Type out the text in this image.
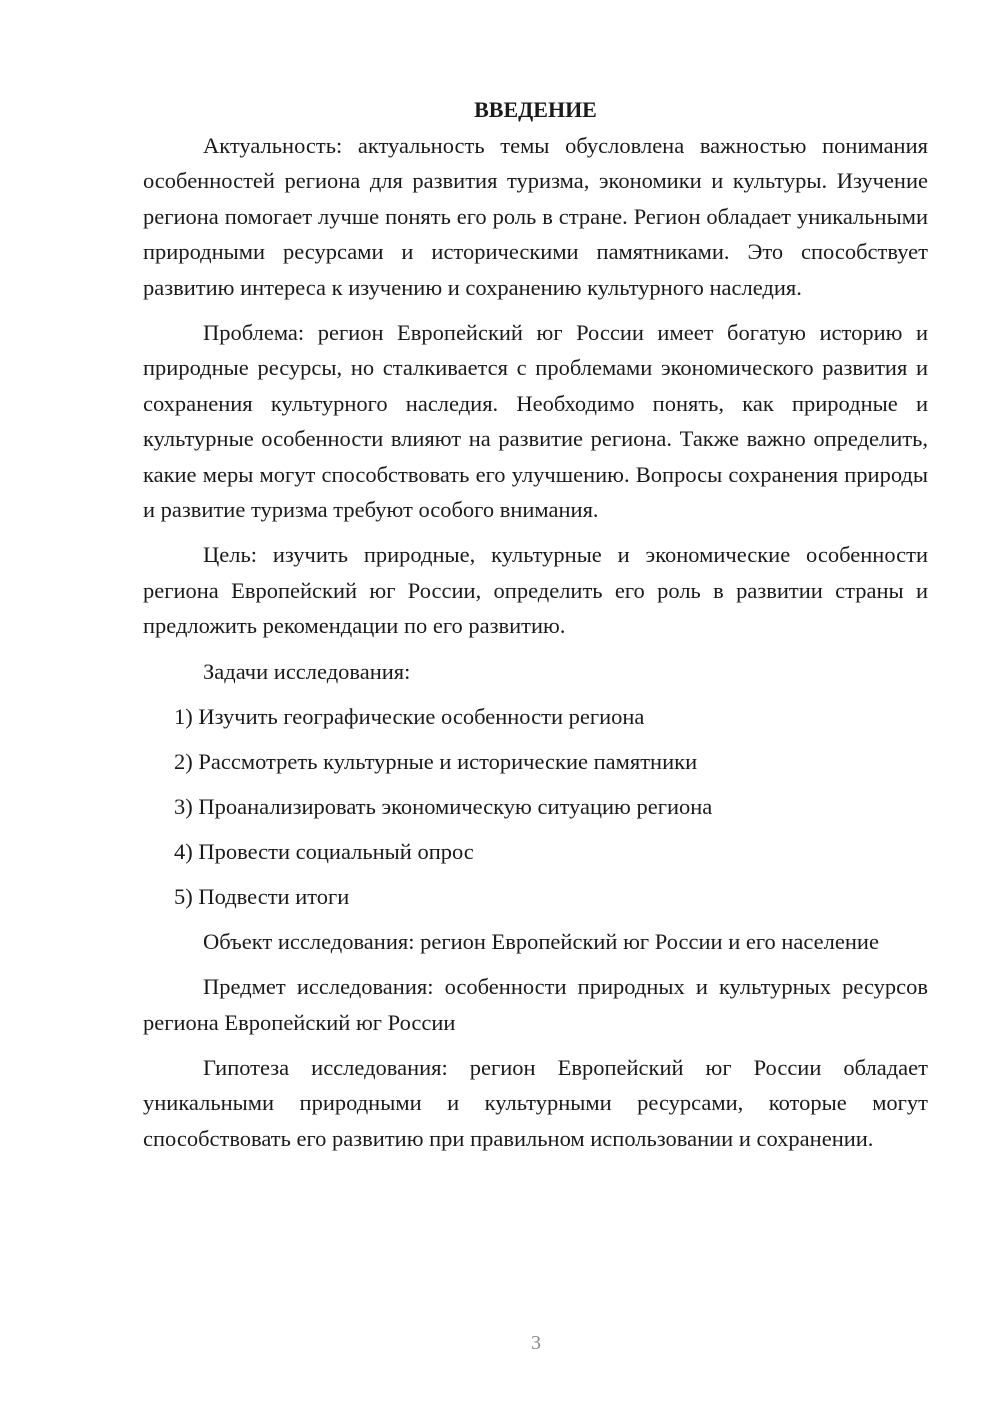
ВВЕДЕНИЕ

Актуальность: актуальность темы обусловлена важностью понимания особенностей региона для развития туризма, экономики и культуры. Изучение региона помогает лучше понять его роль в стране. Регион обладает уникальными природными ресурсами и историческими памятниками. Это способствует развитию интереса к изучению и сохранению культурного наследия.

Проблема: регион Европейский юг России имеет богатую историю и природные ресурсы, но сталкивается с проблемами экономического развития и сохранения культурного наследия. Необходимо понять, как природные и культурные особенности влияют на развитие региона. Также важно определить, какие меры могут способствовать его улучшению. Вопросы сохранения природы и развитие туризма требуют особого внимания.

Цель: изучить природные, культурные и экономические особенности региона Европейский юг России, определить его роль в развитии страны и предложить рекомендации по его развитию.

Задачи исследования:

1) Изучить географические особенности региона
2) Рассмотреть культурные и исторические памятники
3) Проанализировать экономическую ситуацию региона
4) Провести социальный опрос
5) Подвести итоги

Объект исследования: регион Европейский юг России и его население

Предмет исследования: особенности природных и культурных ресурсов региона Европейский юг России

Гипотеза исследования: регион Европейский юг России обладает уникальными природными и культурными ресурсами, которые могут способствовать его развитию при правильном использовании и сохранении.

3
